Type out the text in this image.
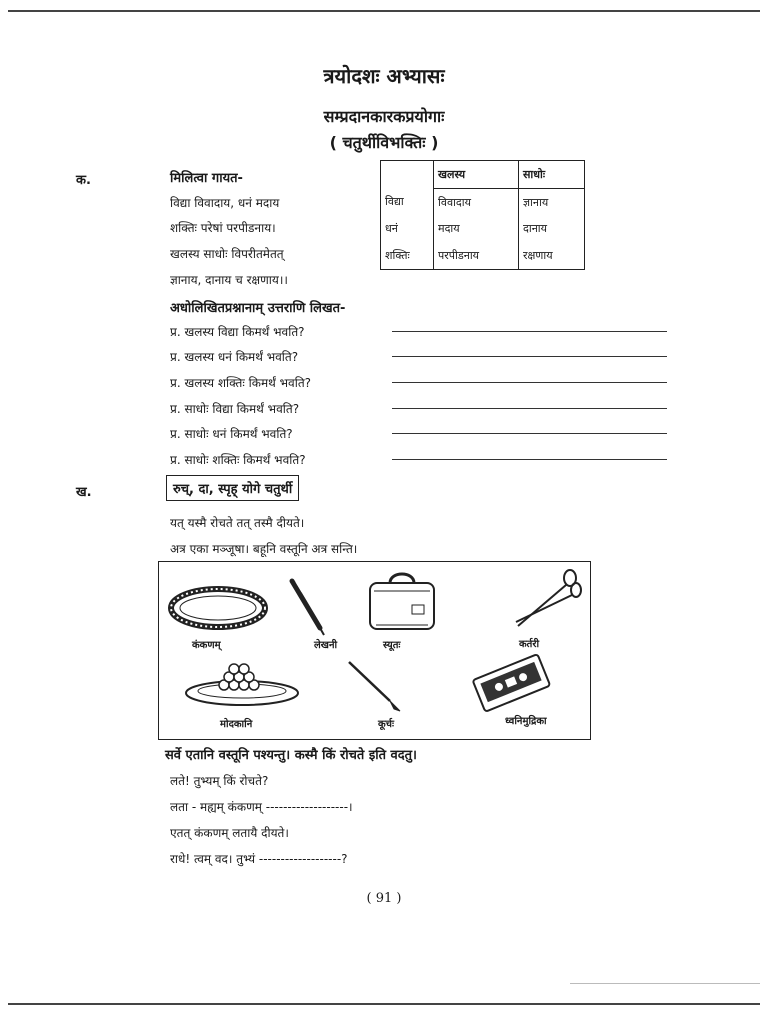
त्रयोदशः अभ्यासः
सम्प्रदानकारकप्रयोगाः
( चतुर्थीविभक्तिः )
क.	मिलित्वा गायत-
विद्या विवादाय, धनं मदाय
शक्तिः परेषां परपीडनाय।
खलस्य साधोः विपरीतमेतत्
ज्ञानाय, दानाय च रक्षणाय।।
	खलस्य	साधोः
विद्या	विवादाय	ज्ञानाय
धनं	मदाय	दानाय
शक्तिः	परपीडनाय	रक्षणाय
अधोलिखितप्रश्नानाम् उत्तराणि लिखत-
प्र. खलस्य विद्या किमर्थं भवति?
प्र. खलस्य धनं किमर्थं भवति?
प्र. खलस्य शक्तिः किमर्थं भवति?
प्र. साधोः विद्या किमर्थं भवति?
प्र. साधोः धनं किमर्थं भवति?
प्र. साधोः शक्तिः किमर्थं भवति?
ख.	रुच्, दा, स्पृह् योगे चतुर्थी
यत् यस्मै रोचते तत् तस्मै दीयते।
अत्र एका मञ्जूषा। बहूनि वस्तूनि अत्र सन्ति।
कंकणम्	लेखनी	स्यूतः	कर्तरी
मोदकानि	कूर्चः	ध्वनिमुद्रिका
सर्वे एतानि वस्तूनि पश्यन्तु। कस्मै किं रोचते इति वदतु।
लते! तुभ्यम् किं रोचते?
लता - मह्यम् कंकणम् -------------------।
एतत् कंकणम् लतायै दीयते।
राधे! त्वम् वद। तुभ्यं -------------------?
( 91 )
